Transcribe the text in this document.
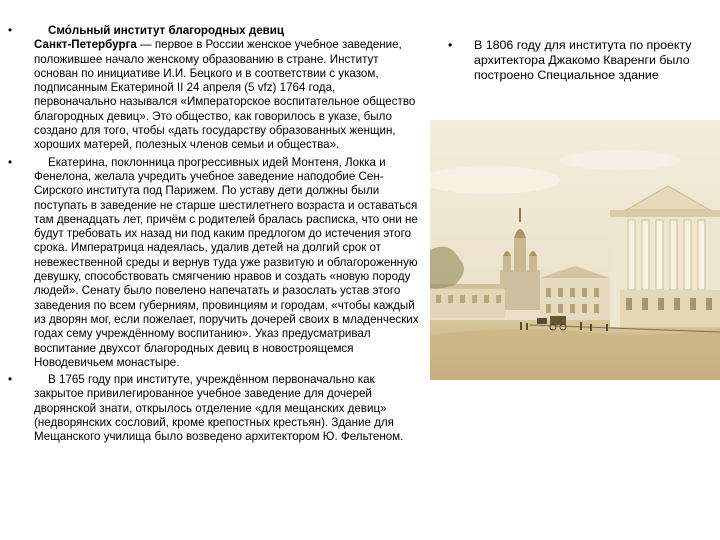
•	Смо́льный институт благородных девиц
Санкт-Петербурга — первое в России женское учебное заведение, положившее начало женскому образованию в стране. Институт основан по инициативе И.И. Бецкого и в соответствии с указом, подписанным Екатериной II 24 апреля (5 vfz) 1764 года, первоначально назывался «Императорское воспитательное общество благородных девиц». Это общество, как говорилось в указе, было создано для того, чтобы «дать государству образованных женщин, хороших матерей, полезных членов семьи и общества».
•	Екатерина, поклонница прогрессивных идей Монтеня, Локка и Фенелона, желала учредить учебное заведение наподобие Сен-Сирского института под Парижем. По уставу дети должны были поступать в заведение не старше шестилетнего возраста и оставаться там двенадцать лет, причём с родителей бралась расписка, что они не будут требовать их назад ни под каким предлогом до истечения этого срока. Императрица надеялась, удалив детей на долгий срок от невежественной среды и вернув туда уже развитую и облагороженную девушку, способствовать смягчению нравов и создать «новую породу людей». Сенату было повелено напечатать и разослать устав этого заведения по всем губерниям, провинциям и городам, «чтобы каждый из дворян мог, если пожелает, поручить дочерей своих в младенческих годах сему учреждённому воспитанию». Указ предусматривал воспитание двухсот благородных девиц в новостроящемся Новодевичьем монастыре.
•	В 1765 году при институте, учреждённом первоначально как закрытое привилегированное учебное заведение для дочерей дворянской знати, открылось отделение «для мещанских девиц» (недворянских сословий, кроме крепостных крестьян). Здание для Мещанского училища было возведено архитектором Ю. Фельтеном.
• В 1806 году для института по проекту архитектора Джакомо Кваренги было построено Специальное здание
